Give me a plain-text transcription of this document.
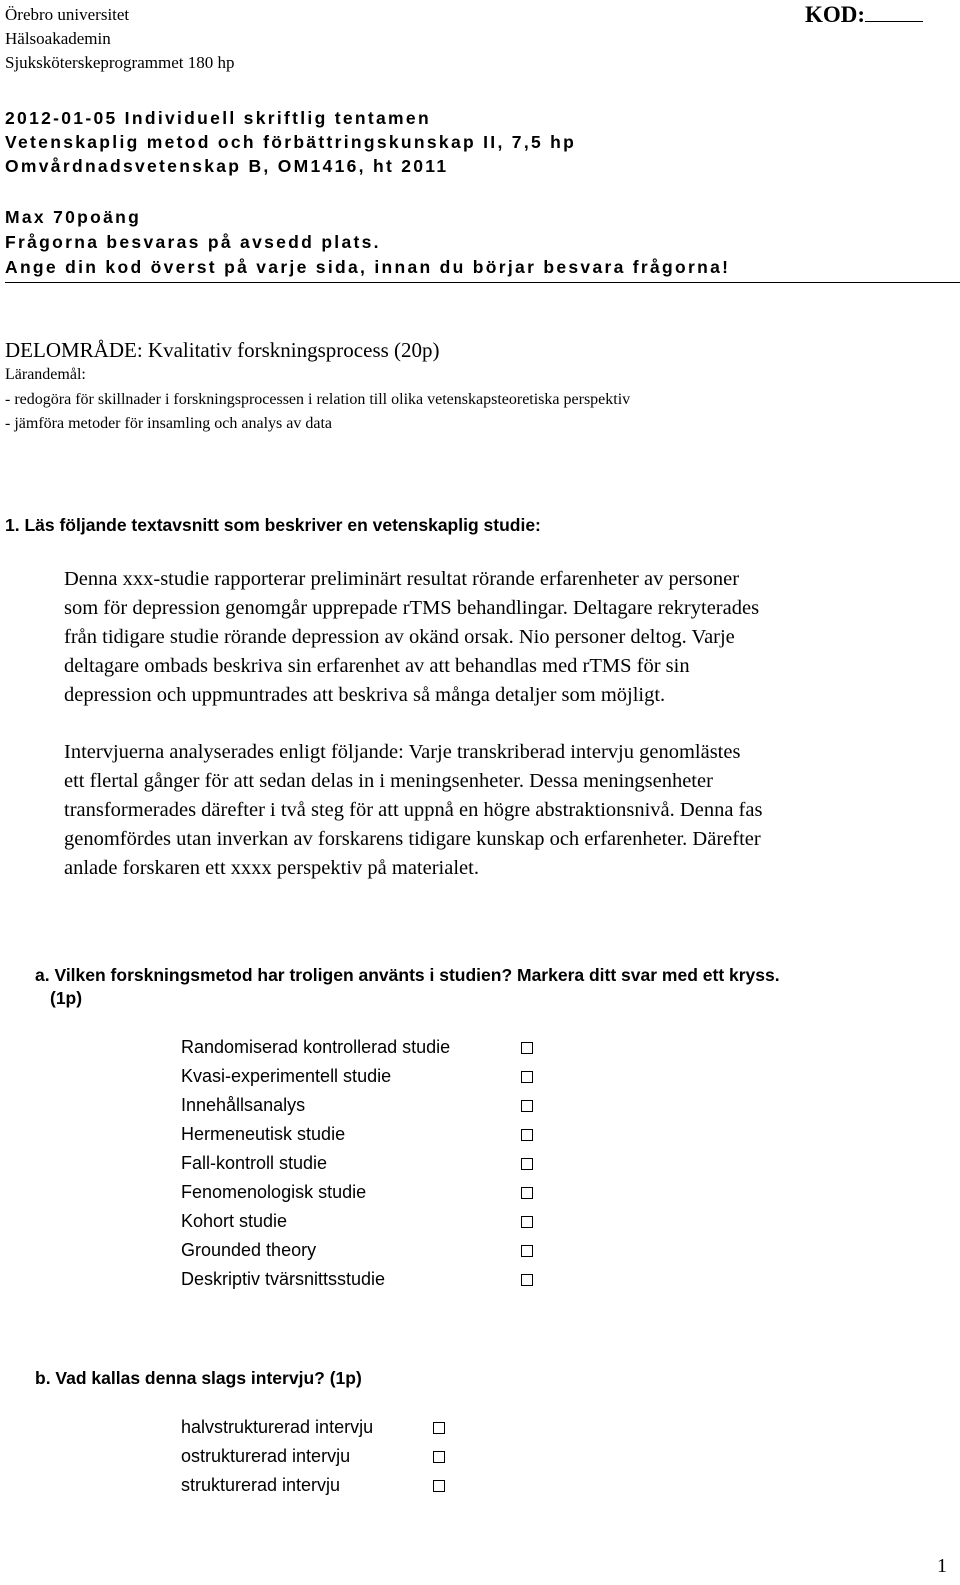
Örebro universitet
Hälsoakademin
Sjuksköterskeprogrammet 180 hp
KOD:
2012-01-05 Individuell skriftlig tentamen
Vetenskaplig metod och förbättringskunskap II, 7,5 hp
Omvårdnadsvetenskap B, OM1416, ht 2011
Max 70poäng
Frågorna besvaras på avsedd plats.
Ange din kod överst på varje sida, innan du börjar besvara frågorna!
DELOMRÅDE: Kvalitativ forskningsprocess (20p)
Lärandemål:
- redogöra för skillnader i forskningsprocessen i relation till olika vetenskapsteoretiska perspektiv
- jämföra metoder för insamling och analys av data
1. Läs följande textavsnitt som beskriver en vetenskaplig studie:
Denna xxx-studie rapporterar preliminärt resultat rörande erfarenheter av personer
som för depression genomgår upprepade rTMS behandlingar. Deltagare rekryterades
från tidigare studie rörande depression av okänd orsak. Nio personer deltog. Varje
deltagare ombads beskriva sin erfarenhet av att behandlas med rTMS för sin
depression och uppmuntrades att beskriva så många detaljer som möjligt.
Intervjuerna analyserades enligt följande: Varje transkriberad intervju genomlästes
ett flertal gånger för att sedan delas in i meningsenheter. Dessa meningsenheter
transformerades därefter i två steg för att uppnå en högre abstraktionsnivå. Denna fas
genomfördes utan inverkan av forskarens tidigare kunskap och erfarenheter. Därefter
anlade forskaren ett xxxx perspektiv på materialet.
a. Vilken forskningsmetod har troligen använts i studien? Markera ditt svar med ett kryss.
(1p)
Randomiserad kontrollerad studie
Kvasi-experimentell studie
Innehållsanalys
Hermeneutisk studie
Fall-kontroll studie
Fenomenologisk studie
Kohort studie
Grounded theory
Deskriptiv tvärsnittsstudie
b. Vad kallas denna slags intervju? (1p)
halvstrukturerad intervju
ostrukturerad intervju
strukturerad intervju
1
